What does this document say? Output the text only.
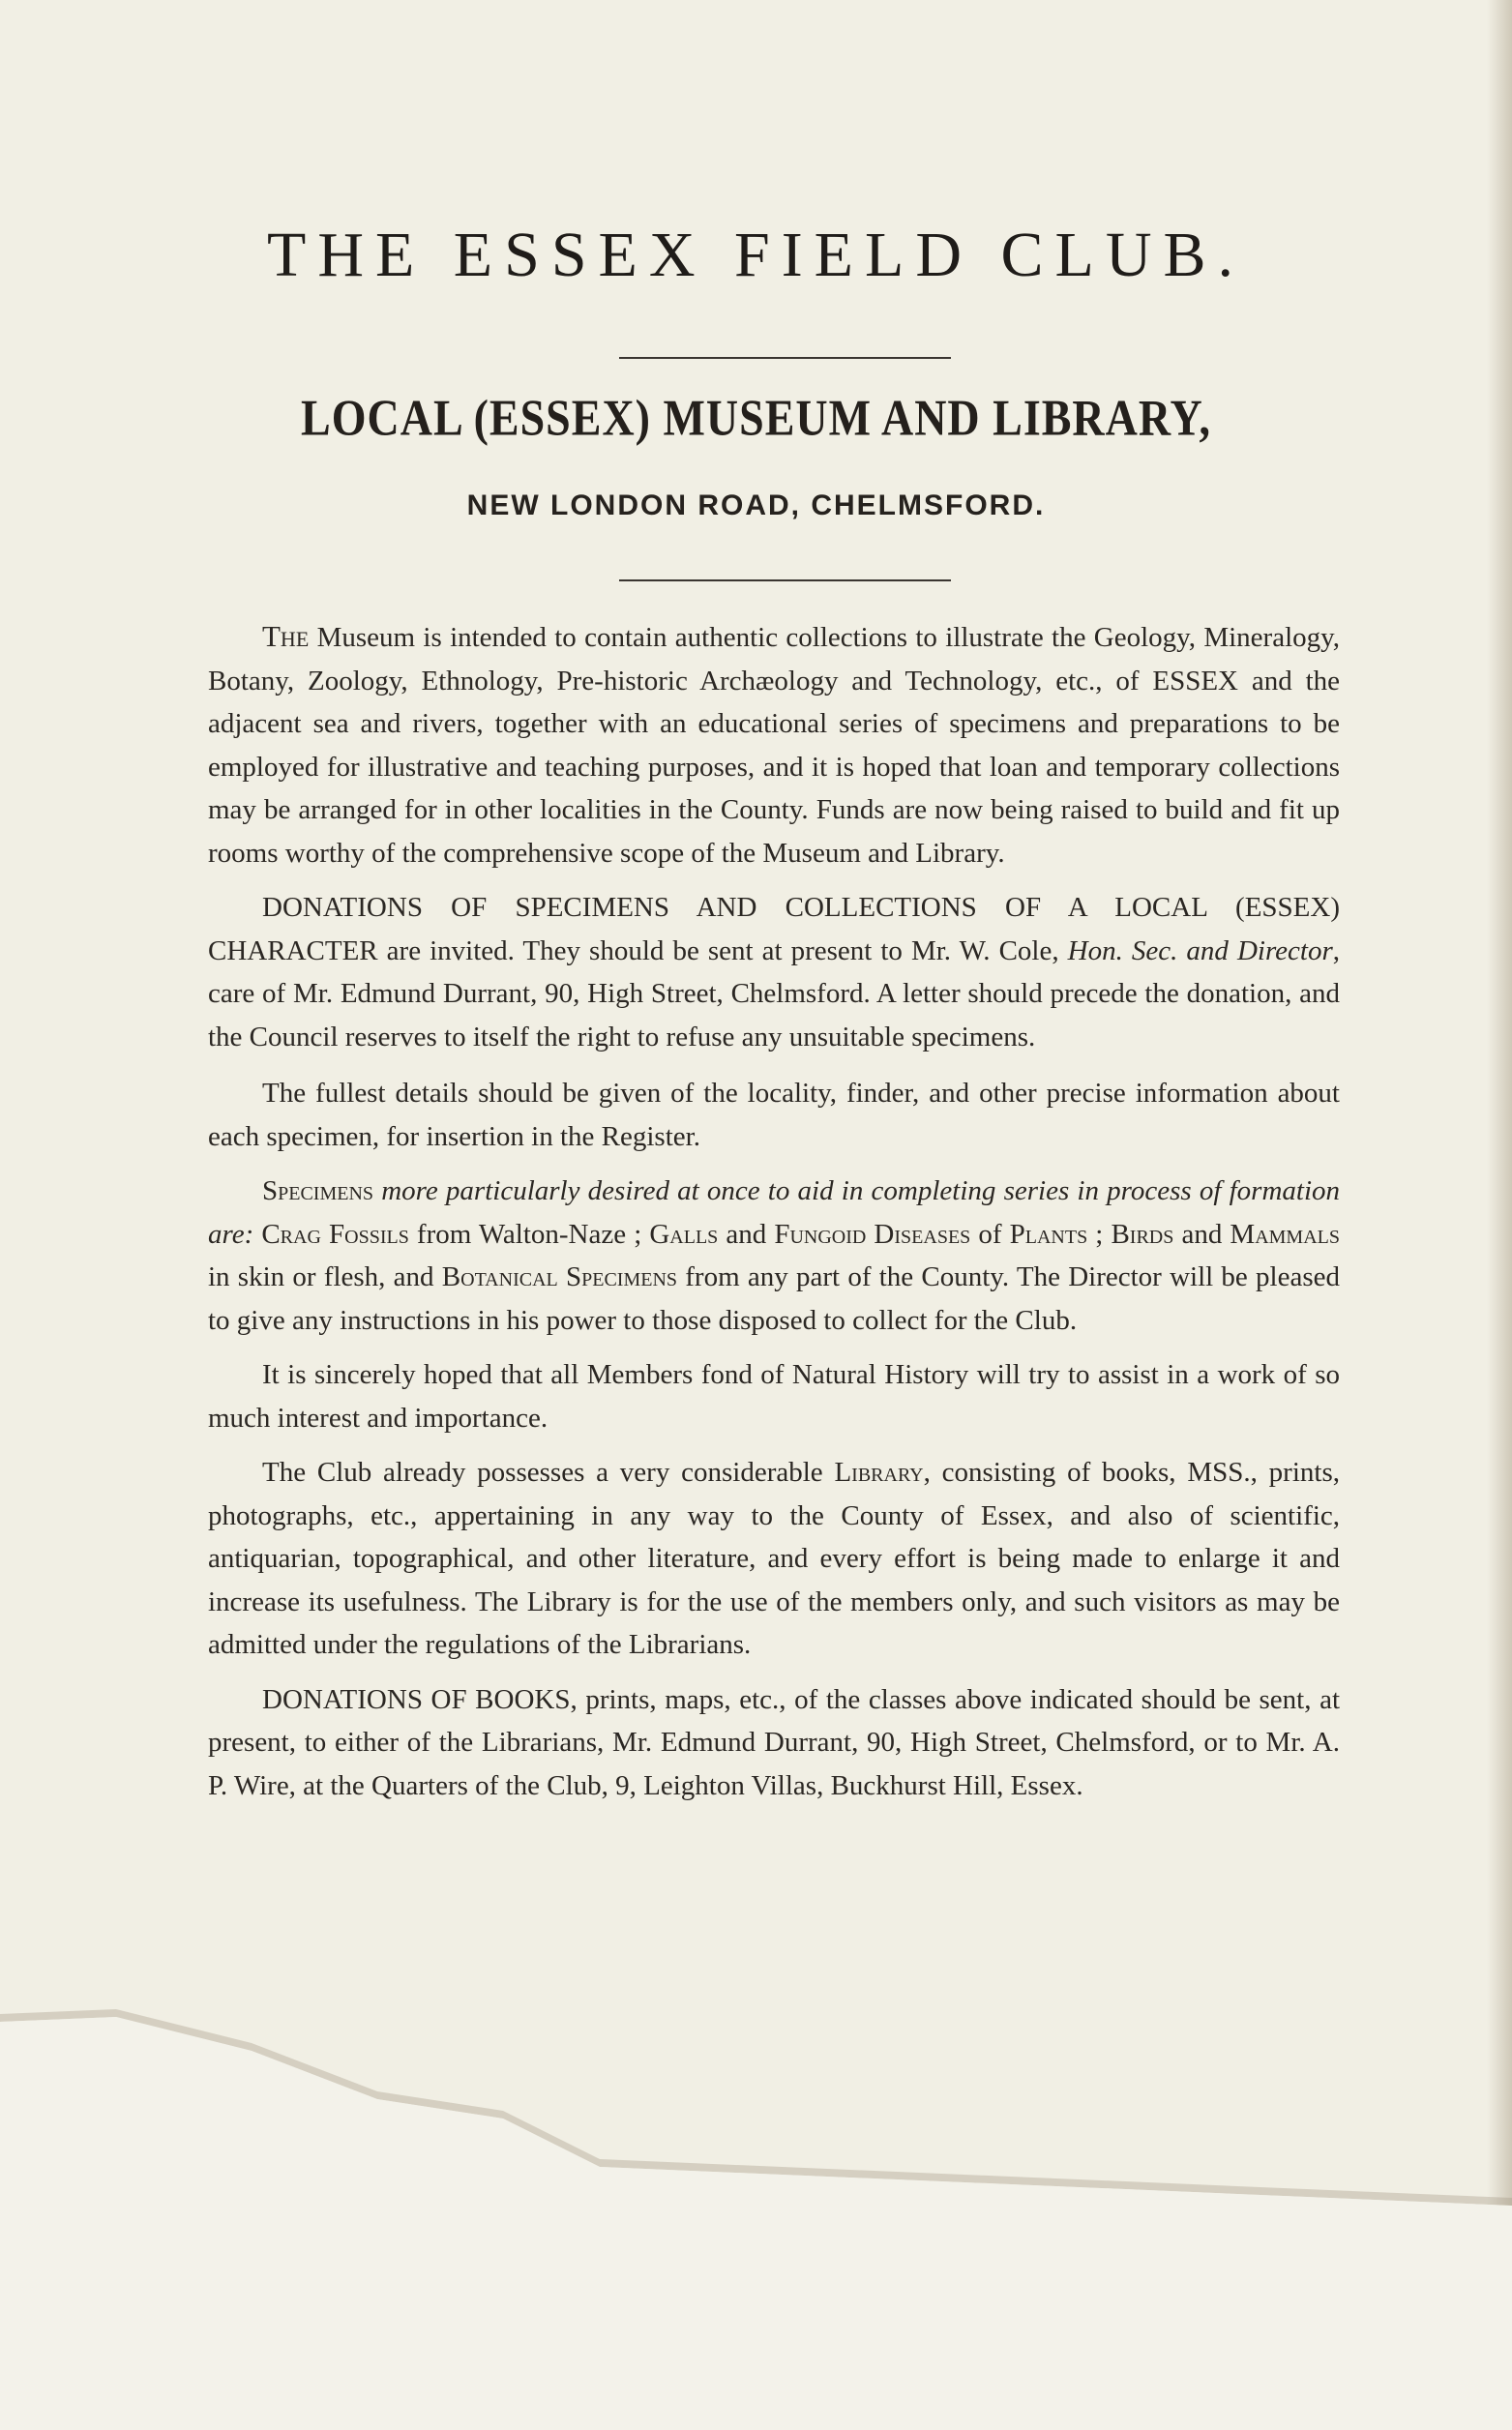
THE ESSEX FIELD CLUB.
LOCAL (ESSEX) MUSEUM AND LIBRARY,
NEW LONDON ROAD, CHELMSFORD.

The Museum is intended to contain authentic collections to illustrate the Geology, Mineralogy, Botany, Zoology, Ethnology, Pre-historic Archæology and Technology, etc., of ESSEX and the adjacent sea and rivers, together with an educational series of specimens and preparations to be employed for illustrative and teaching purposes, and it is hoped that loan and temporary collections may be arranged for in other localities in the County. Funds are now being raised to build and fit up rooms worthy of the comprehensive scope of the Museum and Library.

DONATIONS OF SPECIMENS AND COLLECTIONS OF A LOCAL (ESSEX) CHARACTER are invited. They should be sent at present to Mr. W. Cole, Hon. Sec. and Director, care of Mr. Edmund Durrant, 90, High Street, Chelmsford. A letter should precede the donation, and the Council reserves to itself the right to refuse any unsuitable specimens.

The fullest details should be given of the locality, finder, and other precise information about each specimen, for insertion in the Register.

Specimens more particularly desired at once to aid in completing series in process of formation are: Crag Fossils from Walton-Naze ; Galls and Fungoid Diseases of Plants ; Birds and Mammals in skin or flesh, and Botanical Specimens from any part of the County. The Director will be pleased to give any instructions in his power to those disposed to collect for the Club.

It is sincerely hoped that all Members fond of Natural History will try to assist in a work of so much interest and importance.

The Club already possesses a very considerable Library, consisting of books, MSS., prints, photographs, etc., appertaining in any way to the County of Essex, and also of scientific, antiquarian, topographical, and other literature, and every effort is being made to enlarge it and increase its usefulness. The Library is for the use of the members only, and such visitors as may be admitted under the regulations of the Librarians.

DONATIONS OF BOOKS, prints, maps, etc., of the classes above indicated should be sent, at present, to either of the Librarians, Mr. Edmund Durrant, 90, High Street, Chelmsford, or to Mr. A. P. Wire, at the Quarters of the Club, 9, Leighton Villas, Buckhurst Hill, Essex.
